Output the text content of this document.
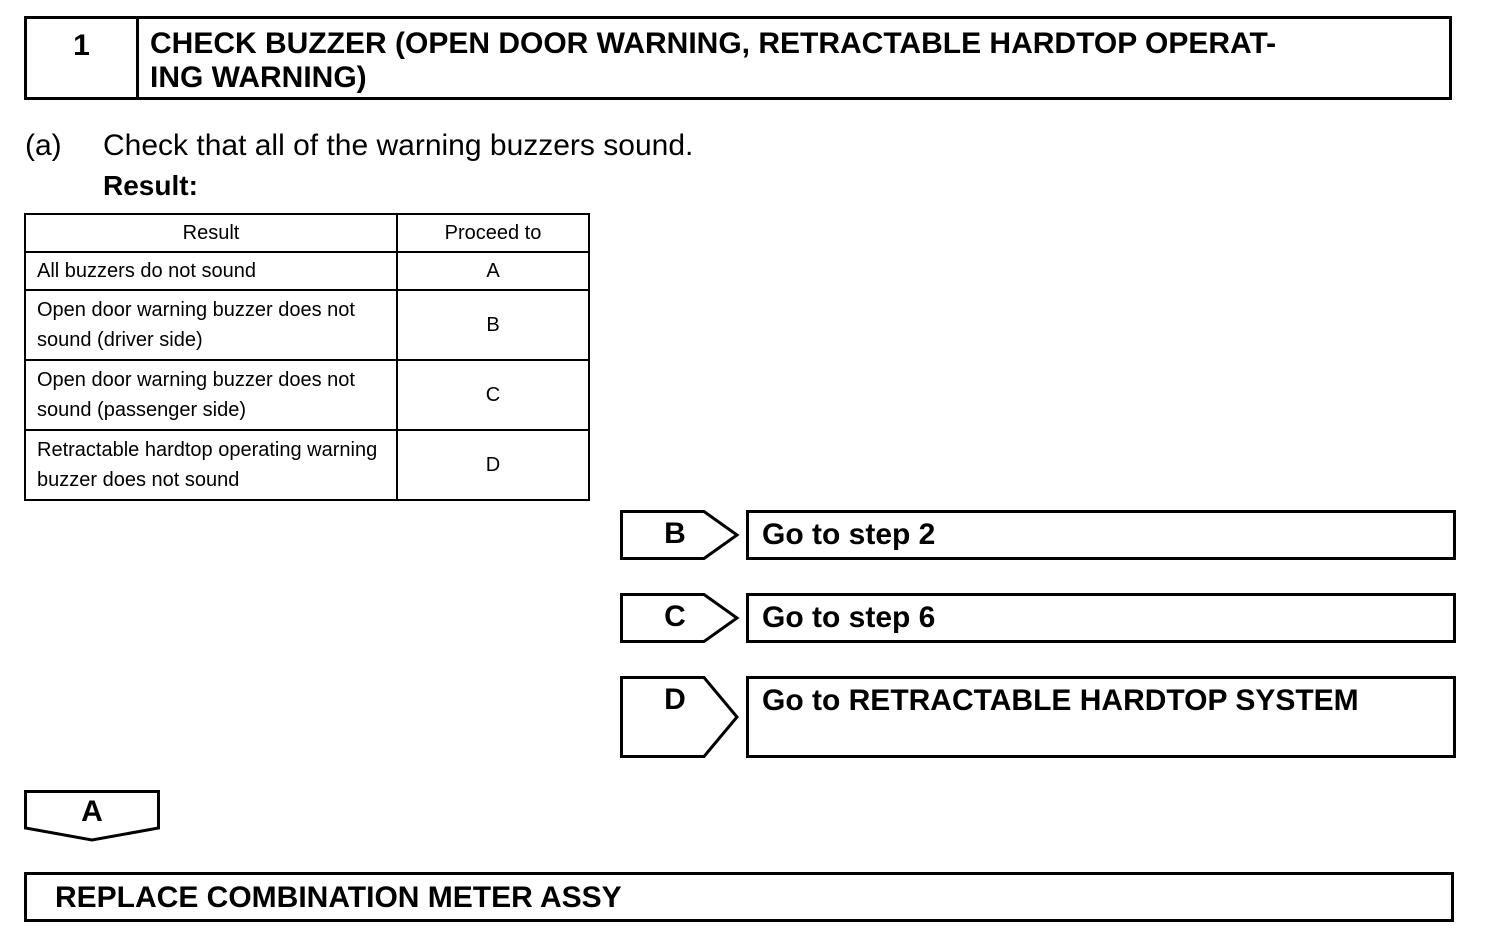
1	CHECK BUZZER (OPEN DOOR WARNING, RETRACTABLE HARDTOP OPERAT-
ING WARNING)
(a) Check that all of the warning buzzers sound.
Result:
Result	Proceed to
All buzzers do not sound	A
Open door warning buzzer does not sound (driver side)	B
Open door warning buzzer does not sound (passenger side)	C
Retractable hardtop operating warning buzzer does not sound	D
B	Go to step 2
C	Go to step 6
D	Go to RETRACTABLE HARDTOP SYSTEM
A
REPLACE COMBINATION METER ASSY
